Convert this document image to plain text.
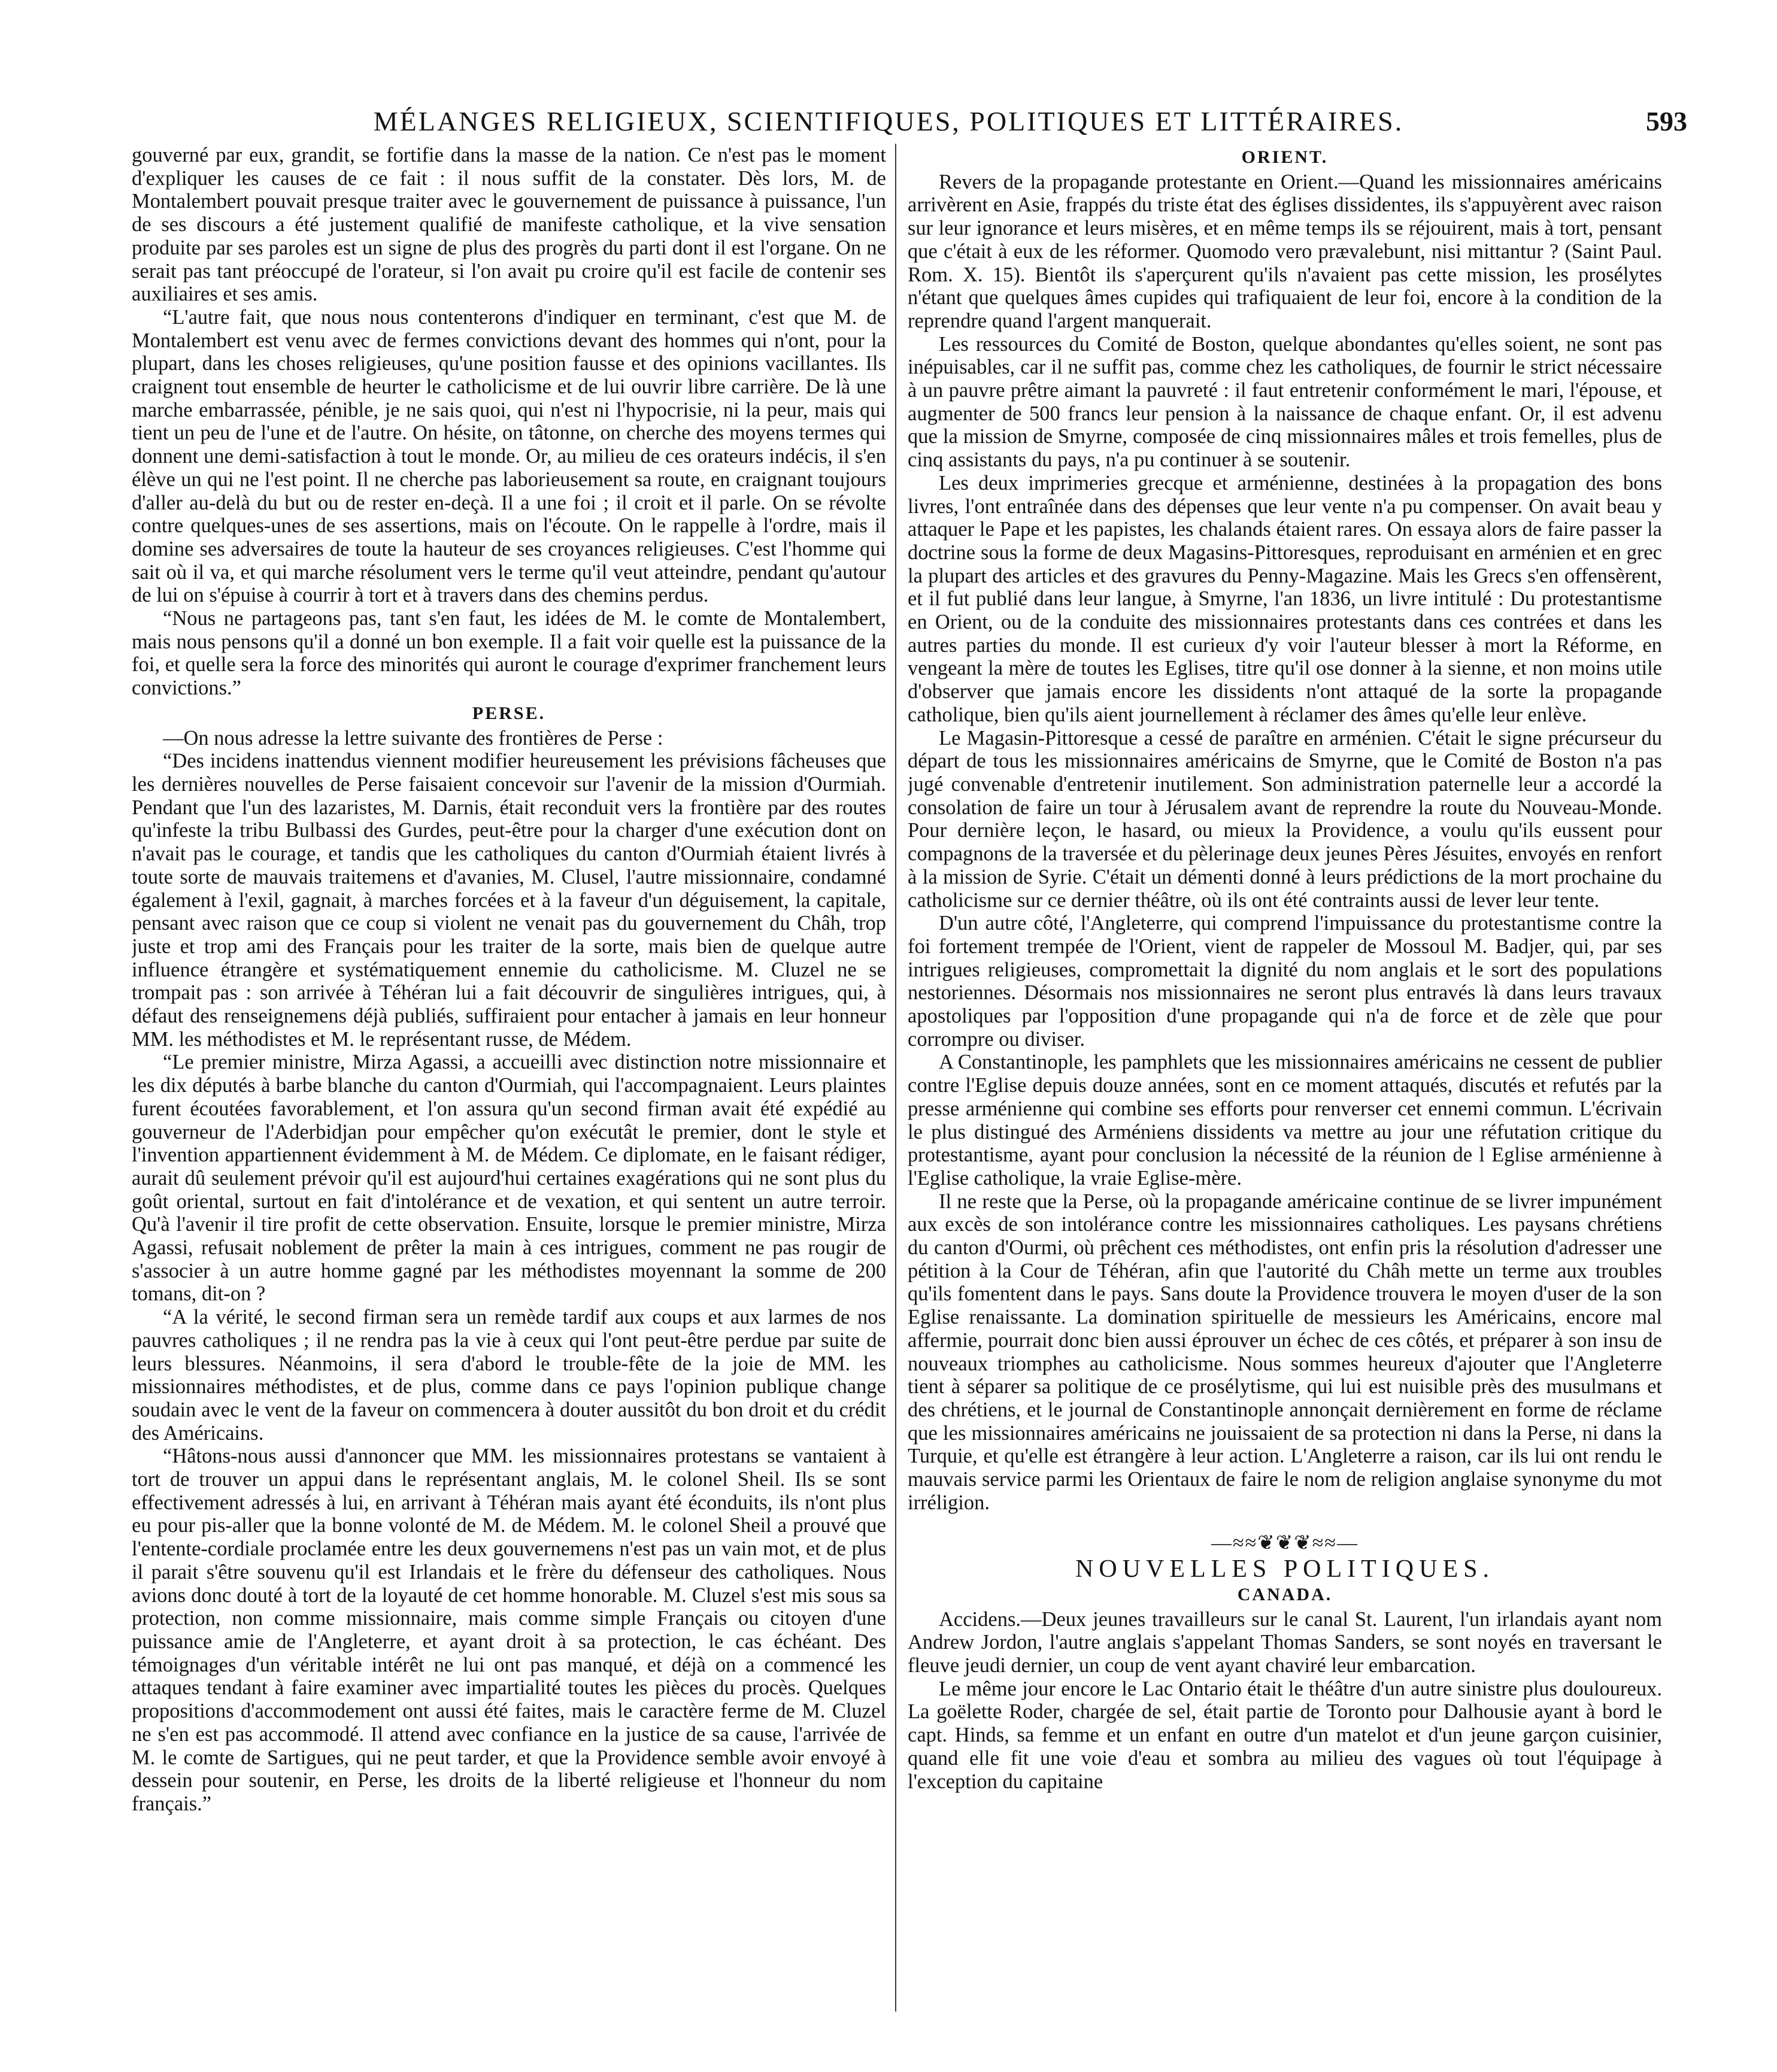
MÉLANGES RELIGIEUX, SCIENTIFIQUES, POLITIQUES ET LITTÉRAIRES.	593

gouverné par eux, grandit, se fortifie dans la masse de la nation. Ce n'est pas le moment d'expliquer les causes de ce fait : il nous suffit de la constater. Dès lors, M. de Montalembert pouvait presque traiter avec le gouvernement de puissance à puissance, l'un de ses discours a été justement qualifié de manifeste catholique, et la vive sensation produite par ses paroles est un signe de plus des progrès du parti dont il est l'organe. On ne serait pas tant préoccupé de l'orateur, si l'on avait pu croire qu'il est facile de contenir ses auxiliaires et ses amis.

“L'autre fait, que nous nous contenterons d'indiquer en terminant, c'est que M. de Montalembert est venu avec de fermes convictions devant des hommes qui n'ont, pour la plupart, dans les choses religieuses, qu'une position fausse et des opinions vacillantes. Ils craignent tout ensemble de heurter le catholicisme et de lui ouvrir libre carrière. De là une marche embarrassée, pénible, je ne sais quoi, qui n'est ni l'hypocrisie, ni la peur, mais qui tient un peu de l'une et de l'autre. On hésite, on tâtonne, on cherche des moyens termes qui donnent une demi-satisfaction à tout le monde. Or, au milieu de ces orateurs indécis, il s'en élève un qui ne l'est point. Il ne cherche pas laborieusement sa route, en craignant toujours d'aller au-delà du but ou de rester en-deçà. Il a une foi ; il croit et il parle. On se révolte contre quelques-unes de ses assertions, mais on l'écoute. On le rappelle à l'ordre, mais il domine ses adversaires de toute la hauteur de ses croyances religieuses. C'est l'homme qui sait où il va, et qui marche résolument vers le terme qu'il veut atteindre, pendant qu'autour de lui on s'épuise à courrir à tort et à travers dans des chemins perdus.

“Nous ne partageons pas, tant s'en faut, les idées de M. le comte de Montalembert, mais nous pensons qu'il a donné un bon exemple. Il a fait voir quelle est la puissance de la foi, et quelle sera la force des minorités qui auront le courage d'exprimer franchement leurs convictions.”

PERSE.

—On nous adresse la lettre suivante des frontières de Perse :

“Des incidens inattendus viennent modifier heureusement les prévisions fâcheuses que les dernières nouvelles de Perse faisaient concevoir sur l'avenir de la mission d'Ourmiah. Pendant que l'un des lazaristes, M. Darnis, était reconduit vers la frontière par des routes qu'infeste la tribu Bulbassi des Gurdes, peut-être pour la charger d'une exécution dont on n'avait pas le courage, et tandis que les catholiques du canton d'Ourmiah étaient livrés à toute sorte de mauvais traitemens et d'avanies, M. Clusel, l'autre missionnaire, condamné également à l'exil, gagnait, à marches forcées et à la faveur d'un déguisement, la capitale, pensant avec raison que ce coup si violent ne venait pas du gouvernement du Châh, trop juste et trop ami des Français pour les traiter de la sorte, mais bien de quelque autre influence étrangère et systématiquement ennemie du catholicisme. M. Cluzel ne se trompait pas : son arrivée à Téhéran lui a fait découvrir de singulières intrigues, qui, à défaut des renseignemens déjà publiés, suffiraient pour entacher à jamais en leur honneur MM. les méthodistes et M. le représentant russe, de Médem.

“Le premier ministre, Mirza Agassi, a accueilli avec distinction notre missionnaire et les dix députés à barbe blanche du canton d'Ourmiah, qui l'accompagnaient. Leurs plaintes furent écoutées favorablement, et l'on assura qu'un second firman avait été expédié au gouverneur de l'Aderbidjan pour empêcher qu'on exécutât le premier, dont le style et l'invention appartiennent évidemment à M. de Médem. Ce diplomate, en le faisant rédiger, aurait dû seulement prévoir qu'il est aujourd'hui certaines exagérations qui ne sont plus du goût oriental, surtout en fait d'intolérance et de vexation, et qui sentent un autre terroir. Qu'à l'avenir il tire profit de cette observation. Ensuite, lorsque le premier ministre, Mirza Agassi, refusait noblement de prêter la main à ces intrigues, comment ne pas rougir de s'associer à un autre homme gagné par les méthodistes moyennant la somme de 200 tomans, dit-on ?

“A la vérité, le second firman sera un remède tardif aux coups et aux larmes de nos pauvres catholiques ; il ne rendra pas la vie à ceux qui l'ont peut-être perdue par suite de leurs blessures. Néanmoins, il sera d'abord le trouble-fête de la joie de MM. les missionnaires méthodistes, et de plus, comme dans ce pays l'opinion publique change soudain avec le vent de la faveur on commencera à douter aussitôt du bon droit et du crédit des Américains.

“Hâtons-nous aussi d'annoncer que MM. les missionnaires protestans se vantaient à tort de trouver un appui dans le représentant anglais, M. le colonel Sheil. Ils se sont effectivement adressés à lui, en arrivant à Téhéran mais ayant été éconduits, ils n'ont plus eu pour pis-aller que la bonne volonté de M. de Médem. M. le colonel Sheil a prouvé que l'entente-cordiale proclamée entre les deux gouvernemens n'est pas un vain mot, et de plus il parait s'être souvenu qu'il est Irlandais et le frère du défenseur des catholiques. Nous avions donc douté à tort de la loyauté de cet homme honorable. M. Cluzel s'est mis sous sa protection, non comme missionnaire, mais comme simple Français ou citoyen d'une puissance amie de l'Angleterre, et ayant droit à sa protection, le cas échéant. Des témoignages d'un véritable intérêt ne lui ont pas manqué, et déjà on a commencé les attaques tendant à faire examiner avec impartialité toutes les pièces du procès. Quelques propositions d'accommodement ont aussi été faites, mais le caractère ferme de M. Cluzel ne s'en est pas accommodé. Il attend avec confiance en la justice de sa cause, l'arrivée de M. le comte de Sartigues, qui ne peut tarder, et que la Providence semble avoir envoyé à dessein pour soutenir, en Perse, les droits de la liberté religieuse et l'honneur du nom français.”

ORIENT.

Revers de la propagande protestante en Orient.—Quand les missionnaires américains arrivèrent en Asie, frappés du triste état des églises dissidentes, ils s'appuyèrent avec raison sur leur ignorance et leurs misères, et en même temps ils se réjouirent, mais à tort, pensant que c'était à eux de les réformer. Quomodo vero prævalebunt, nisi mittantur ? (Saint Paul. Rom. X. 15). Bientôt ils s'aperçurent qu'ils n'avaient pas cette mission, les prosélytes n'étant que quelques âmes cupides qui trafiquaient de leur foi, encore à la condition de la reprendre quand l'argent manquerait.

Les ressources du Comité de Boston, quelque abondantes qu'elles soient, ne sont pas inépuisables, car il ne suffit pas, comme chez les catholiques, de fournir le strict nécessaire à un pauvre prêtre aimant la pauvreté : il faut entretenir conformément le mari, l'épouse, et augmenter de 500 francs leur pension à la naissance de chaque enfant. Or, il est advenu que la mission de Smyrne, composée de cinq missionnaires mâles et trois femelles, plus de cinq assistants du pays, n'a pu continuer à se soutenir.

Les deux imprimeries grecque et arménienne, destinées à la propagation des bons livres, l'ont entraînée dans des dépenses que leur vente n'a pu compenser. On avait beau y attaquer le Pape et les papistes, les chalands étaient rares. On essaya alors de faire passer la doctrine sous la forme de deux Magasins-Pittoresques, reproduisant en arménien et en grec la plupart des articles et des gravures du Penny-Magazine. Mais les Grecs s'en offensèrent, et il fut publié dans leur langue, à Smyrne, l'an 1836, un livre intitulé : Du protestantisme en Orient, ou de la conduite des missionnaires protestants dans ces contrées et dans les autres parties du monde. Il est curieux d'y voir l'auteur blesser à mort la Réforme, en vengeant la mère de toutes les Eglises, titre qu'il ose donner à la sienne, et non moins utile d'observer que jamais encore les dissidents n'ont attaqué de la sorte la propagande catholique, bien qu'ils aient journellement à réclamer des âmes qu'elle leur enlève.

Le Magasin-Pittoresque a cessé de paraître en arménien. C'était le signe précurseur du départ de tous les missionnaires américains de Smyrne, que le Comité de Boston n'a pas jugé convenable d'entretenir inutilement. Son administration paternelle leur a accordé la consolation de faire un tour à Jérusalem avant de reprendre la route du Nouveau-Monde. Pour dernière leçon, le hasard, ou mieux la Providence, a voulu qu'ils eussent pour compagnons de la traversée et du pèlerinage deux jeunes Pères Jésuites, envoyés en renfort à la mission de Syrie. C'était un démenti donné à leurs prédictions de la mort prochaine du catholicisme sur ce dernier théâtre, où ils ont été contraints aussi de lever leur tente.

D'un autre côté, l'Angleterre, qui comprend l'impuissance du protestantisme contre la foi fortement trempée de l'Orient, vient de rappeler de Mossoul M. Badjer, qui, par ses intrigues religieuses, compromettait la dignité du nom anglais et le sort des populations nestoriennes. Désormais nos missionnaires ne seront plus entravés là dans leurs travaux apostoliques par l'opposition d'une propagande qui n'a de force et de zèle que pour corrompre ou diviser.

A Constantinople, les pamphlets que les missionnaires américains ne cessent de publier contre l'Eglise depuis douze années, sont en ce moment attaqués, discutés et refutés par la presse arménienne qui combine ses efforts pour renverser cet ennemi commun. L'écrivain le plus distingué des Arméniens dissidents va mettre au jour une réfutation critique du protestantisme, ayant pour conclusion la nécessité de la réunion de l Eglise arménienne à l'Eglise catholique, la vraie Eglise-mère.

Il ne reste que la Perse, où la propagande américaine continue de se livrer impunément aux excès de son intolérance contre les missionnaires catholiques. Les paysans chrétiens du canton d'Ourmi, où prêchent ces méthodistes, ont enfin pris la résolution d'adresser une pétition à la Cour de Téhéran, afin que l'autorité du Châh mette un terme aux troubles qu'ils fomentent dans le pays. Sans doute la Providence trouvera le moyen d'user de la son Eglise renaissante. La domination spirituelle de messieurs les Américains, encore mal affermie, pourrait donc bien aussi éprouver un échec de ces côtés, et préparer à son insu de nouveaux triomphes au catholicisme. Nous sommes heureux d'ajouter que l'Angleterre tient à séparer sa politique de ce prosélytisme, qui lui est nuisible près des musulmans et des chrétiens, et le journal de Constantinople annonçait dernièrement en forme de réclame que les missionnaires américains ne jouissaient de sa protection ni dans la Perse, ni dans la Turquie, et qu'elle est étrangère à leur action. L'Angleterre a raison, car ils lui ont rendu le mauvais service parmi les Orientaux de faire le nom de religion anglaise synonyme du mot irréligion.

—≈≈❦❦❦≈≈—
NOUVELLES POLITIQUES.
CANADA.

Accidens.—Deux jeunes travailleurs sur le canal St. Laurent, l'un irlandais ayant nom Andrew Jordon, l'autre anglais s'appelant Thomas Sanders, se sont noyés en traversant le fleuve jeudi dernier, un coup de vent ayant chaviré leur embarcation.

Le même jour encore le Lac Ontario était le théâtre d'un autre sinistre plus douloureux. La goëlette Roder, chargée de sel, était partie de Toronto pour Dalhousie ayant à bord le capt. Hinds, sa femme et un enfant en outre d'un matelot et d'un jeune garçon cuisinier, quand elle fit une voie d'eau et sombra au milieu des vagues où tout l'équipage à l'exception du capitaine
